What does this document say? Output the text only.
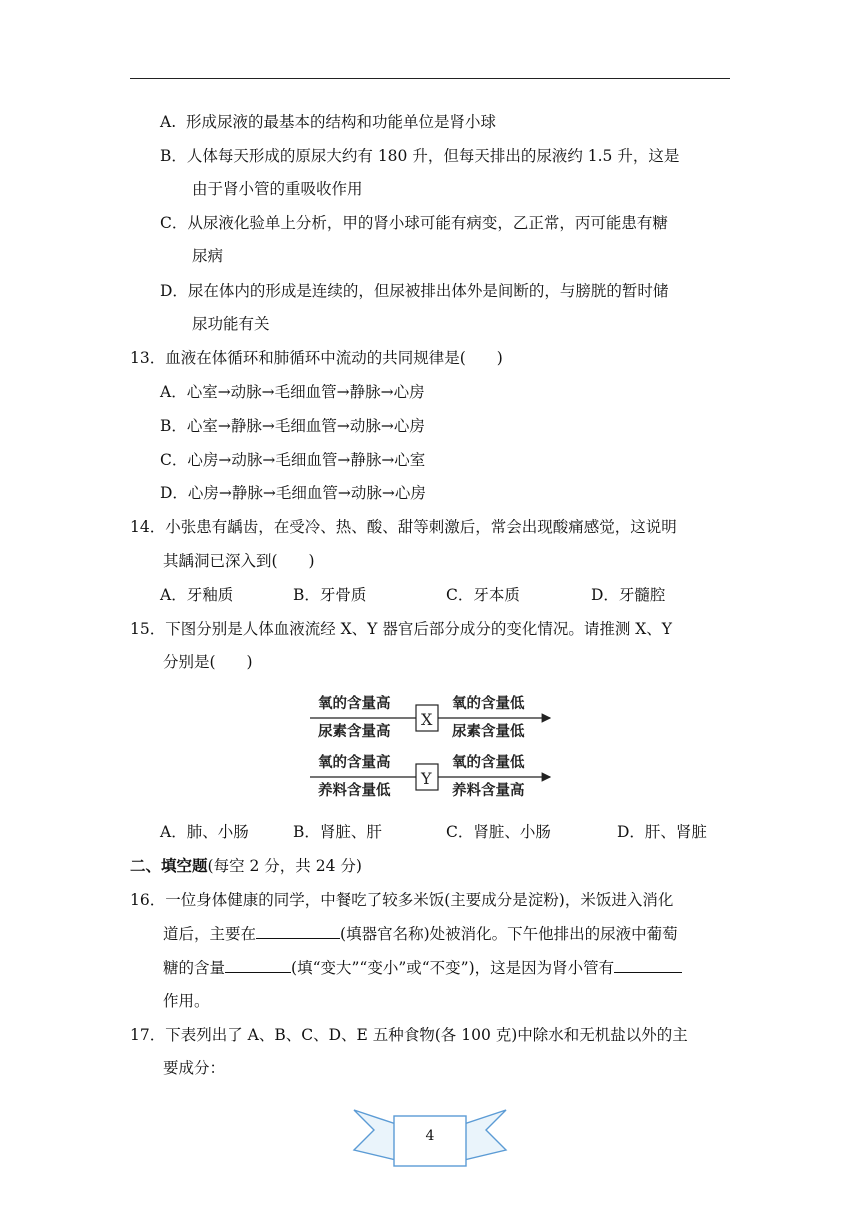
A.  形成尿液的最基本的结构和功能单位是肾小球
B．人体每天形成的原尿大约有 180 升，但每天排出的尿液约 1.5 升，这是
由于肾小管的重吸收作用
C．从尿液化验单上分析，甲的肾小球可能有病变，乙正常，丙可能患有糖
尿病
D．尿在体内的形成是连续的，但尿被排出体外是间断的，与膀胱的暂时储
尿功能有关
13．血液在体循环和肺循环中流动的共同规律是(　　)
A．心室→动脉→毛细血管→静脉→心房
B．心室→静脉→毛细血管→动脉→心房
C．心房→动脉→毛细血管→静脉→心室
D．心房→静脉→毛细血管→动脉→心房
14．小张患有龋齿，在受冷、热、酸、甜等刺激后，常会出现酸痛感觉，这说明
其龋洞已深入到(　　)
A．牙釉质	B．牙骨质	C．牙本质	D．牙髓腔
15．下图分别是人体血液流经 X、Y 器官后部分成分的变化情况。请推测 X、Y
分别是(　　)
氧的含量高
尿素含量高
X
氧的含量低
尿素含量低
氧的含量高
养料含量低
Y
氧的含量低
养料含量高
A．肺、小肠	B．肾脏、肝	C．肾脏、小肠	D．肝、肾脏
二、填空题(每空 2 分，共 24 分)
16．一位身体健康的同学，中餐吃了较多米饭(主要成分是淀粉)，米饭进入消化
道后，主要在	(填器官名称)处被消化。下午他排出的尿液中葡萄
糖的含量	(填“变大”“变小”或“不变”)，这是因为肾小管有
作用。
17．下表列出了 A、B、C、D、E 五种食物(各 100 克)中除水和无机盐以外的主
要成分：
4
